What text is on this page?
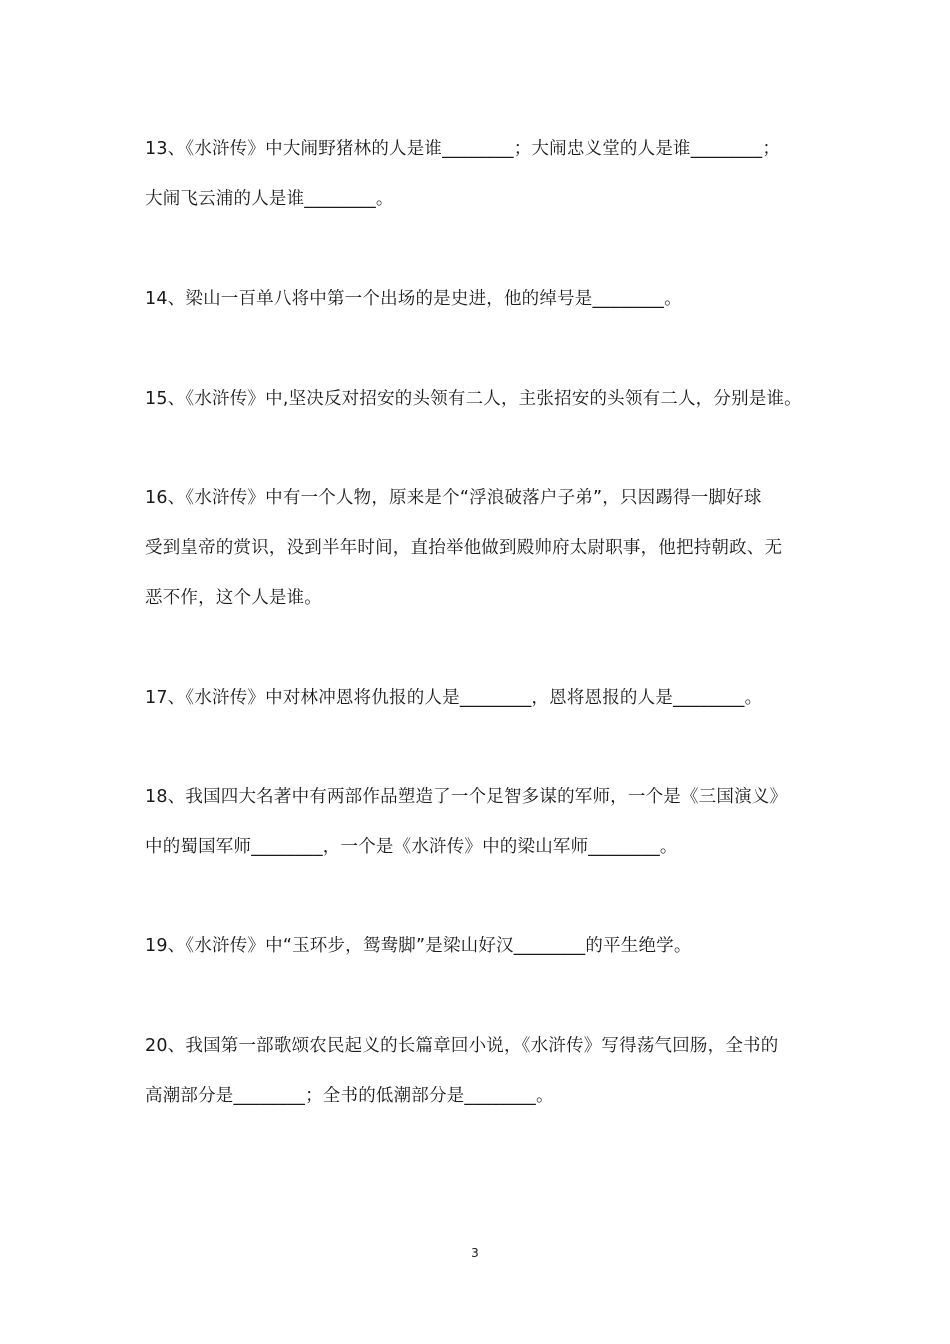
13、《水浒传》中大闹野猪林的人是谁________；大闹忠义堂的人是谁________；
大闹飞云浦的人是谁________。
14、梁山一百单八将中第一个出场的是史进，他的绰号是________。
15、《水浒传》中,坚决反对招安的头领有二人，主张招安的头领有二人，分别是谁。
16、《水浒传》中有一个人物，原来是个“浮浪破落户子弟”，只因踢得一脚好球
受到皇帝的赏识，没到半年时间，直抬举他做到殿帅府太尉职事，他把持朝政、无
恶不作，这个人是谁。
17、《水浒传》中对林冲恩将仇报的人是________，恩将恩报的人是________。
18、我国四大名著中有两部作品塑造了一个足智多谋的军师，一个是《三国演义》
中的蜀国军师________，一个是《水浒传》中的梁山军师________。
19、《水浒传》中“玉环步，鸳鸯脚”是梁山好汉________的平生绝学。
20、我国第一部歌颂农民起义的长篇章回小说，《水浒传》写得荡气回肠，全书的
高潮部分是________；全书的低潮部分是________。
3
